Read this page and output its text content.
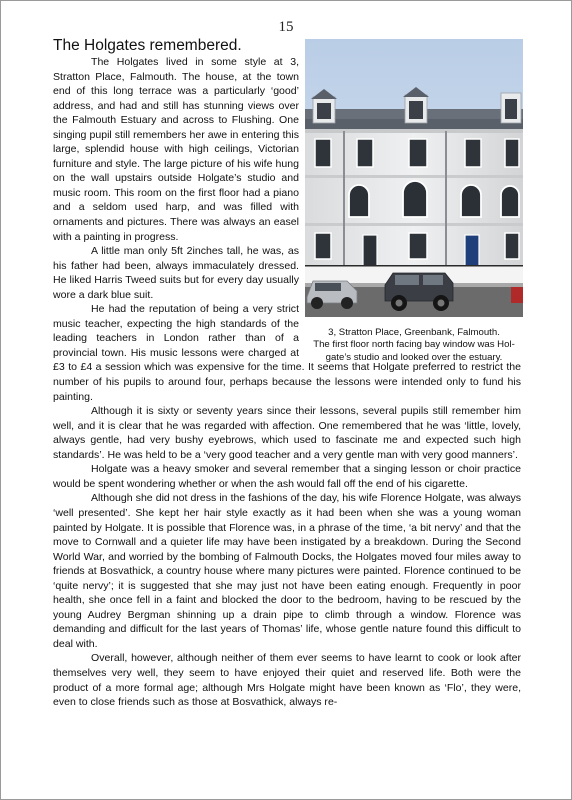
15
The Holgates remembered.
3, Stratton Place, Greenbank, Falmouth.
The first floor north facing bay window was Hol-
gate’s studio and looked over the estuary.

The Holgates lived in some style at 3, Stratton Place, Falmouth. The house, at the town end of this long terrace was a particularly ‘good’ address, and had and still has stunning views over the Falmouth Estuary and across to Flushing. One singing pupil still remembers her awe in entering this large, splendid house with high ceilings, Victorian furniture and style. The large picture of his wife hung on the wall upstairs outside Holgate’s studio and music room. This room on the first floor had a piano and a seldom used harp, and was filled with ornaments and pictures. There was always an easel with a painting in progress.

A little man only 5ft 2inches tall, he was, as his father had been, always immaculately dressed. He liked Harris Tweed suits but for every day usually wore a dark blue suit.

He had the reputation of being a very strict music teacher, expecting the high standards of the leading teachers in London rather than of a provincial town. His music lessons were charged at £3 to £4 a session which was expensive for the time. It seems that Holgate preferred to restrict the number of his pupils to around four, perhaps because the lessons were intended only to fund his painting.

Although it is sixty or seventy years since their lessons, several pupils still remember him well, and it is clear that he was regarded with affection. One remembered that he was ‘little, lovely, always gentle, had very bushy eyebrows, which used to fascinate me and expected such high standards’. He was held to be a ‘very good teacher and a very gentle man with very good manners’.

Holgate was a heavy smoker and several remember that a singing lesson or choir practice would be spent wondering whether or when the ash would fall off the end of his cigarette.

Although she did not dress in the fashions of the day, his wife Florence Holgate, was always ‘well presented’. She kept her hair style exactly as it had been when she was a young woman painted by Holgate. It is possible that Florence was, in a phrase of the time, ‘a bit nervy’ and that the move to Cornwall and a quieter life may have been instigated by a breakdown. During the Second World War, and worried by the bombing of Falmouth Docks, the Holgates moved four miles away to friends at Bosvathick, a country house where many pictures were painted. Florence continued to be ‘quite nervy’; it is suggested that she may just not have been eating enough. Frequently in poor health, she once fell in a faint and blocked the door to the bedroom, having to be rescued by the young Audrey Bergman shinning up a drain pipe to climb through a window. Florence was demanding and difficult for the last years of Thomas’ life, whose gentle nature found this difficult to deal with.

Overall, however, although neither of them ever seems to have learnt to cook or look after themselves very well, they seem to have enjoyed their quiet and reserved life. Both were the product of a more formal age; although Mrs Holgate might have been known as ‘Flo’, they were, even to close friends such as those at Bosvathick, always re-
